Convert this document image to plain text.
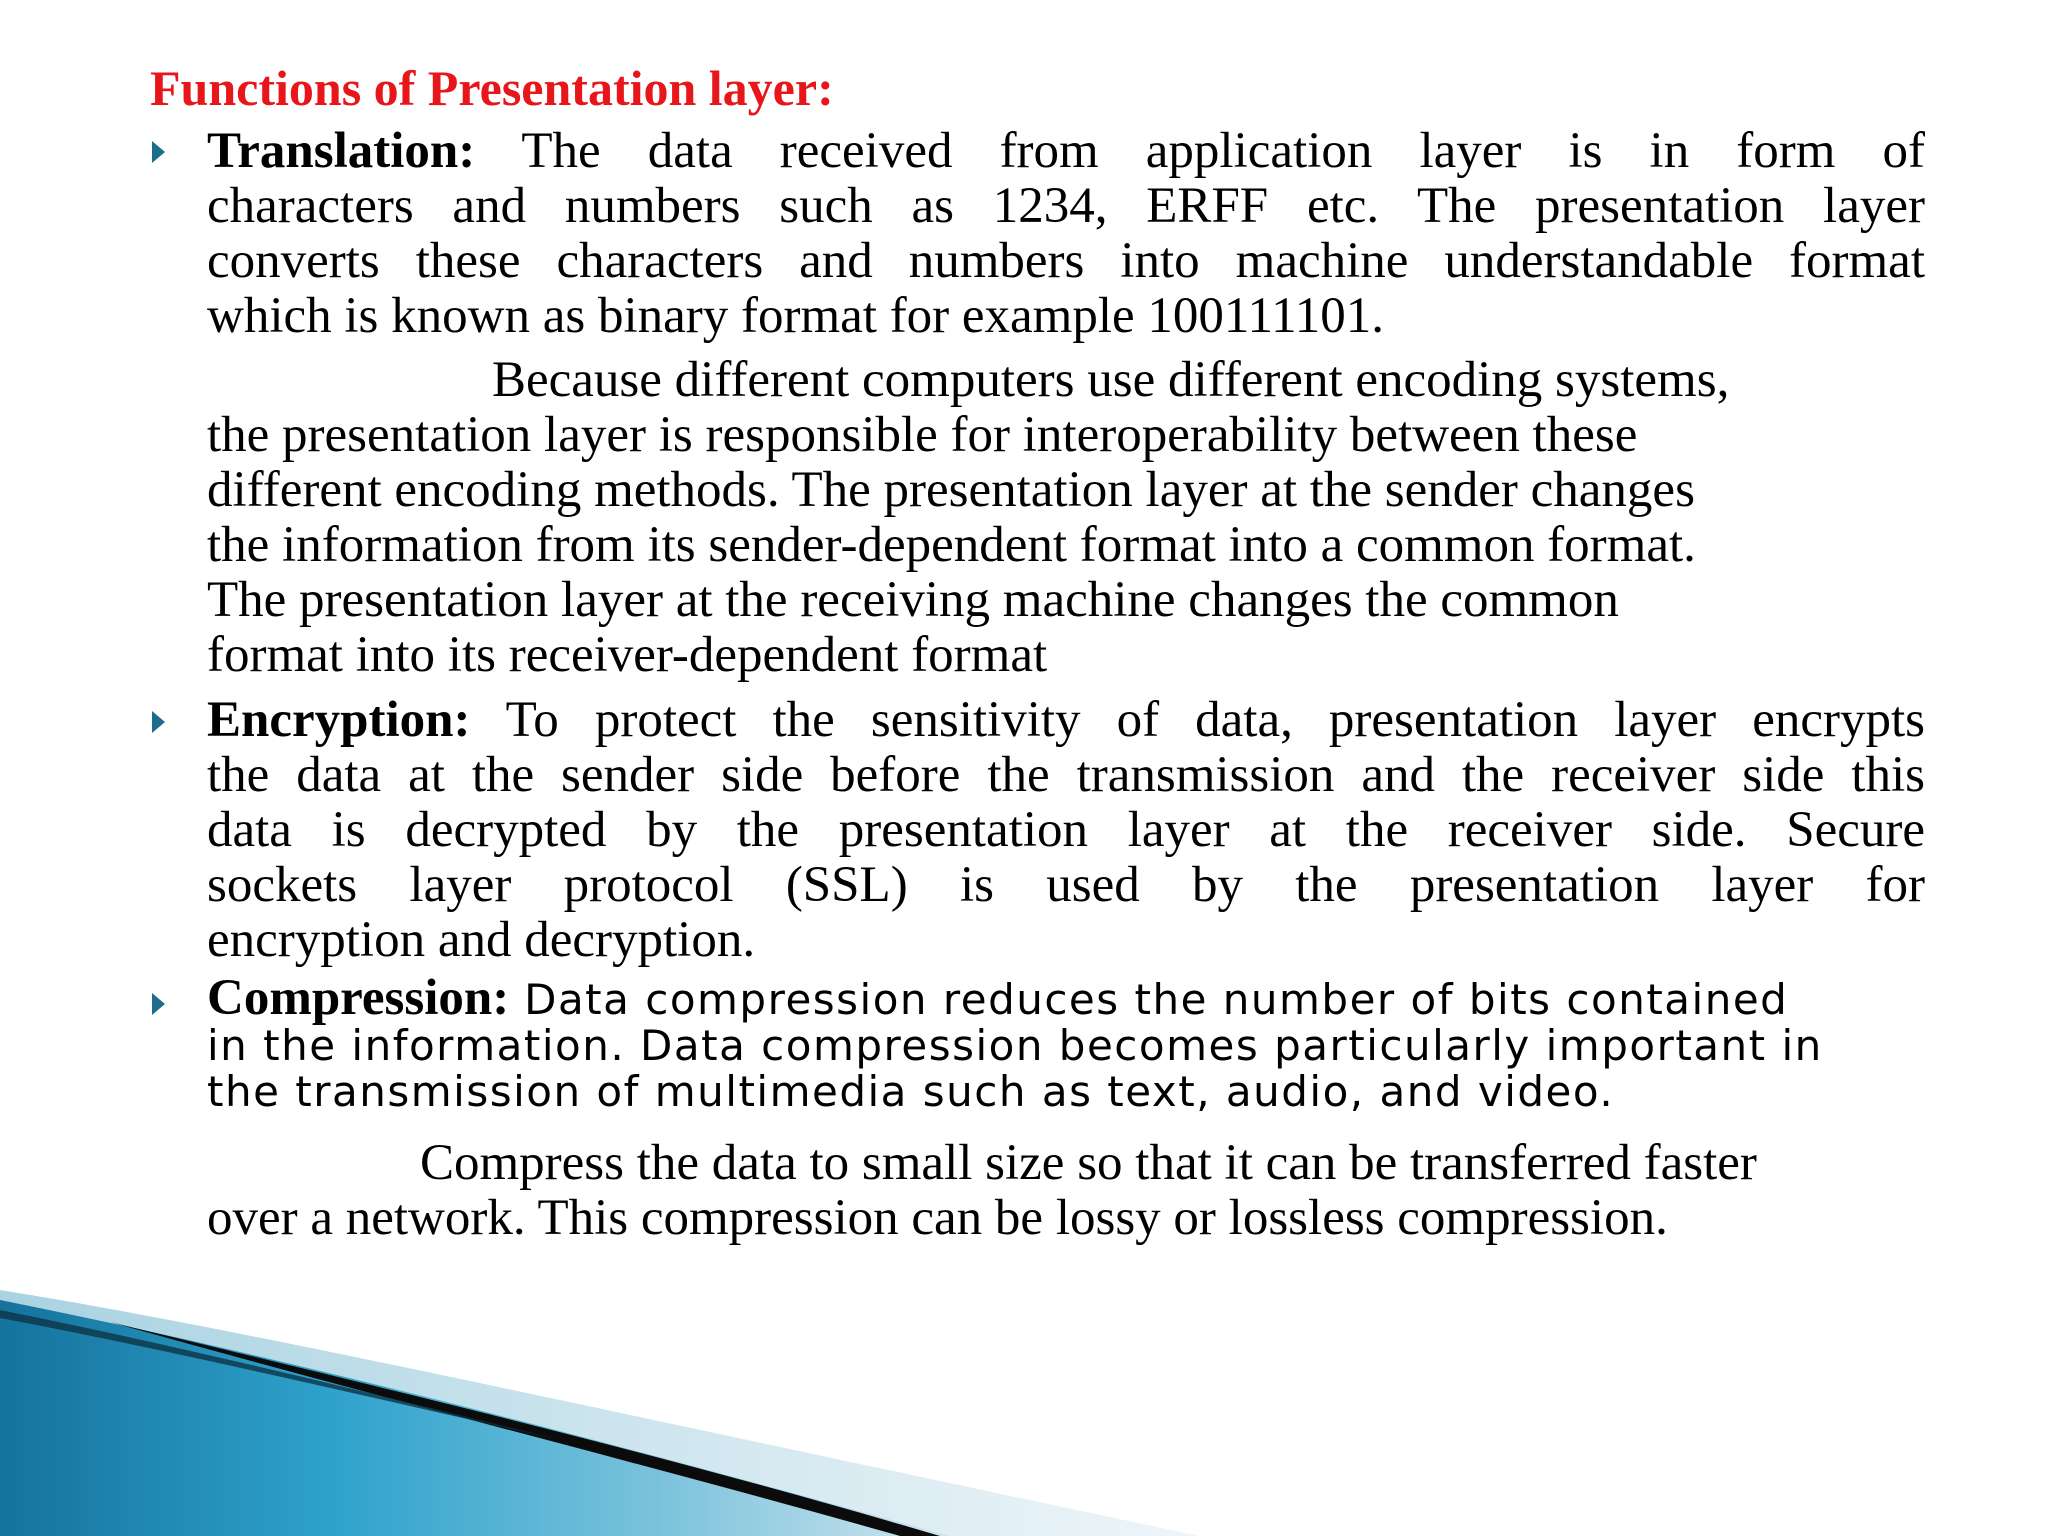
Functions of Presentation layer:
Translation: The data received from application layer is in form of
characters and numbers such as 1234, ERFF etc. The presentation layer
converts these characters and numbers into machine understandable format
which is known as binary format for example 100111101.
Because different computers use different encoding systems,
the presentation layer is responsible for interoperability between these
different encoding methods. The presentation layer at the sender changes
the information from its sender-dependent format into a common format.
The presentation layer at the receiving machine changes the common
format into its receiver-dependent format
Encryption: To protect the sensitivity of data, presentation layer encrypts
the data at the sender side before the transmission and the receiver side this
data is decrypted by the presentation layer at the receiver side. Secure
sockets layer protocol (SSL) is used by the presentation layer for
encryption and decryption.
Compression: Data compression reduces the number of bits contained
in the information. Data compression becomes particularly important in
the transmission of multimedia such as text, audio, and video.
Compress the data to small size so that it can be transferred faster
over a network. This compression can be lossy or lossless compression.
